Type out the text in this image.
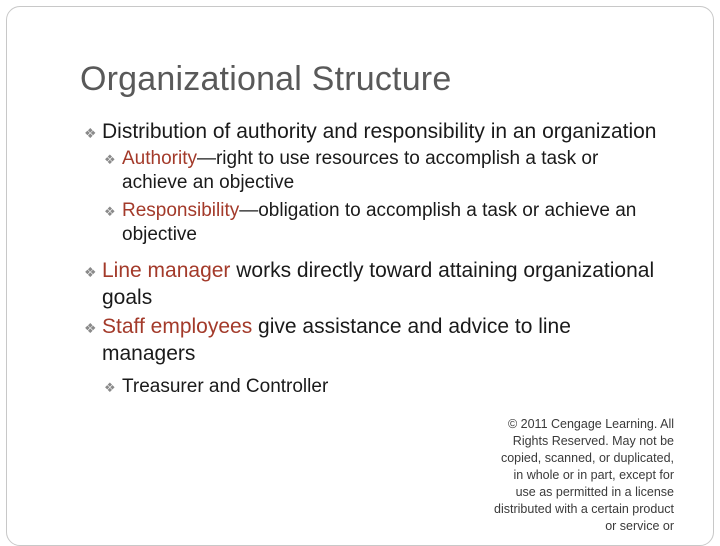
Organizational Structure
❖ Distribution of authority and responsibility in an organization
❖ Authority—right to use resources to accomplish a task or achieve an objective
❖ Responsibility—obligation to accomplish a task or achieve an objective
❖ Line manager works directly toward attaining organizational goals
❖ Staff employees give assistance and advice to line managers
❖ Treasurer and Controller
© 2011 Cengage Learning. All Rights Reserved. May not be copied, scanned, or duplicated, in whole or in part, except for use as permitted in a license distributed with a certain product or service or
